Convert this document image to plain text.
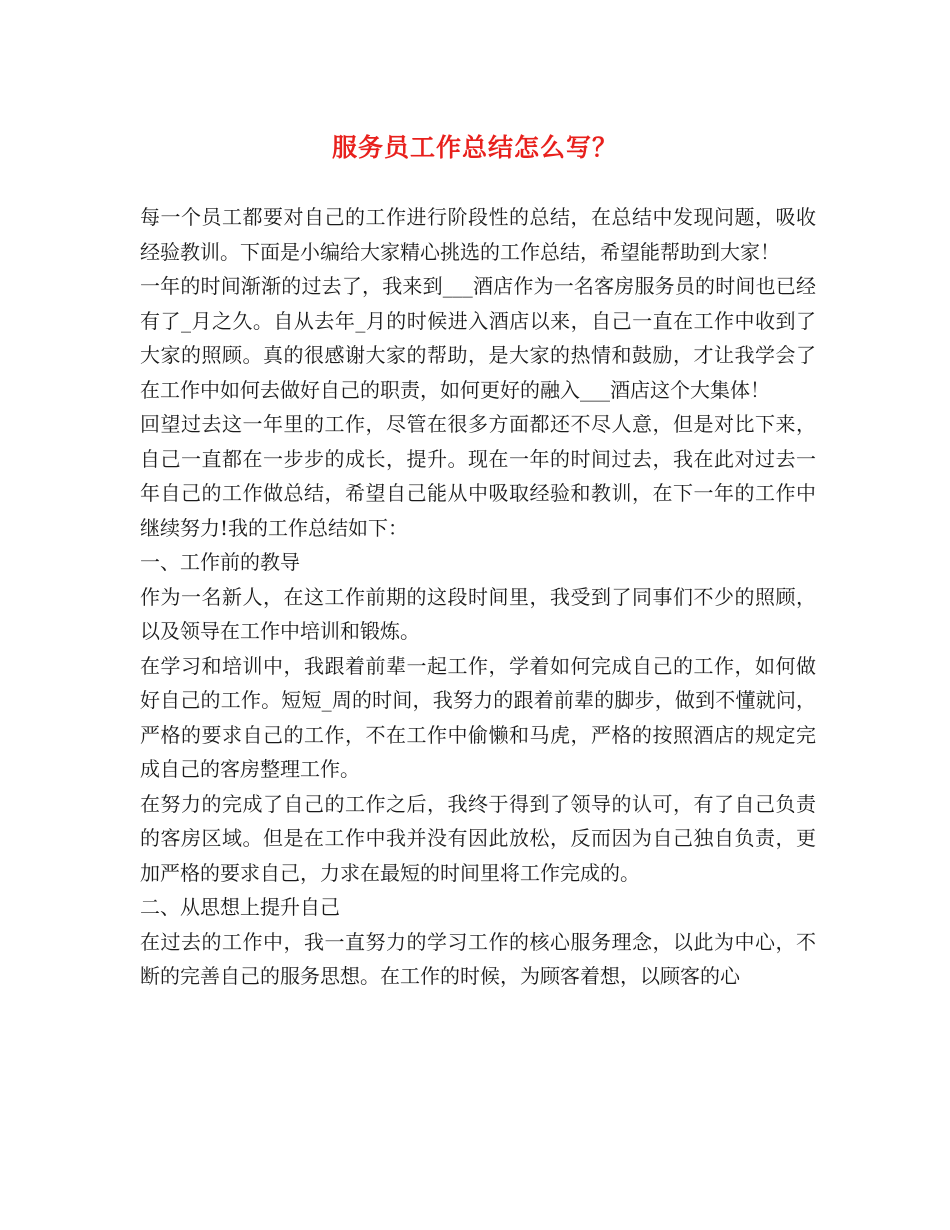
服务员工作总结怎么写？

每一个员工都要对自己的工作进行阶段性的总结，在总结中发现问题，吸收经验教训。下面是小编给大家精心挑选的工作总结，希望能帮助到大家！

一年的时间渐渐的过去了，我来到___酒店作为一名客房服务员的时间也已经有了_月之久。自从去年_月的时候进入酒店以来，自己一直在工作中收到了大家的照顾。真的很感谢大家的帮助，是大家的热情和鼓励，才让我学会了在工作中如何去做好自己的职责，如何更好的融入___酒店这个大集体！

回望过去这一年里的工作，尽管在很多方面都还不尽人意，但是对比下来，自己一直都在一步步的成长，提升。现在一年的时间过去，我在此对过去一年自己的工作做总结，希望自己能从中吸取经验和教训，在下一年的工作中继续努力!我的工作总结如下：

一、工作前的教导

作为一名新人，在这工作前期的这段时间里，我受到了同事们不少的照顾，以及领导在工作中培训和锻炼。

在学习和培训中，我跟着前辈一起工作，学着如何完成自己的工作，如何做好自己的工作。短短_周的时间，我努力的跟着前辈的脚步，做到不懂就问，严格的要求自己的工作，不在工作中偷懒和马虎，严格的按照酒店的规定完成自己的客房整理工作。

在努力的完成了自己的工作之后，我终于得到了领导的认可，有了自己负责的客房区域。但是在工作中我并没有因此放松，反而因为自己独自负责，更加严格的要求自己，力求在最短的时间里将工作完成的。

二、从思想上提升自己

在过去的工作中，我一直努力的学习工作的核心服务理念，以此为中心，不断的完善自己的服务思想。在工作的时候，为顾客着想，以顾客的心
